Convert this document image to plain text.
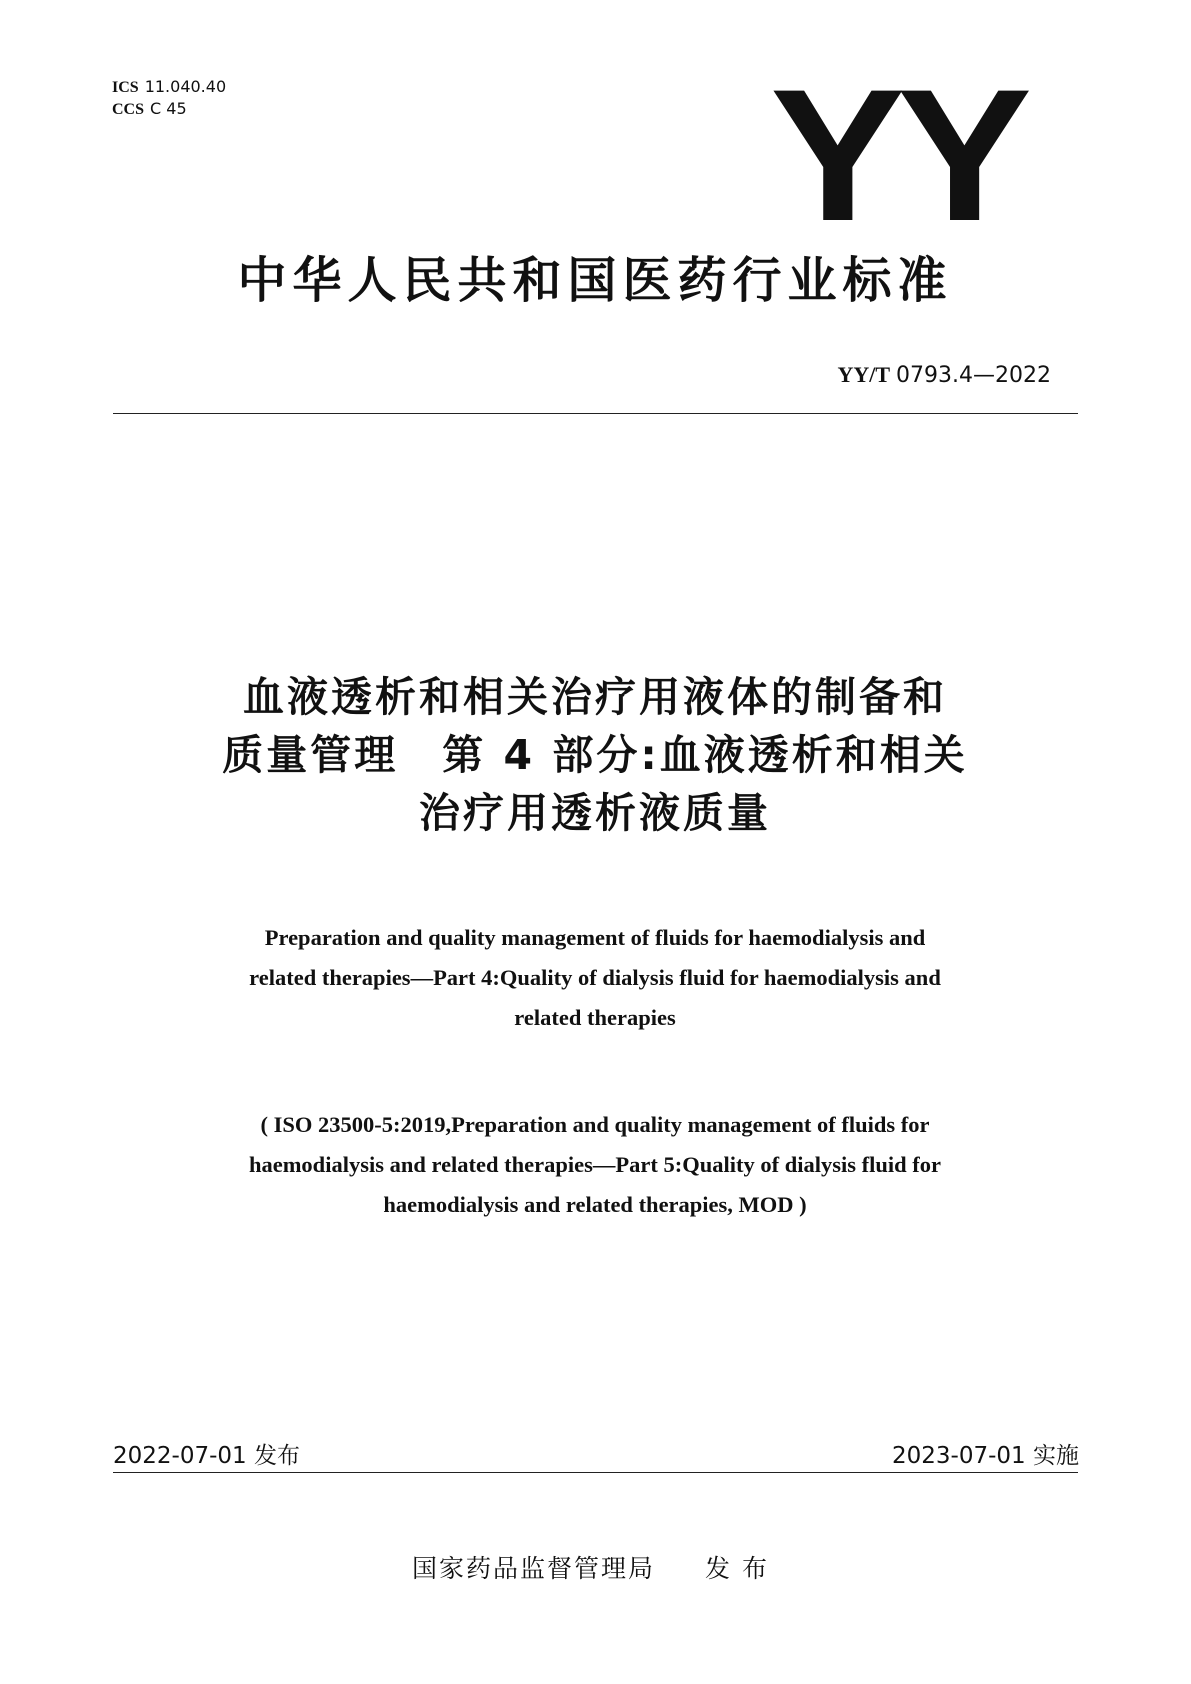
ICS 11.040.40
CCS C 45	YY
中华人民共和国医药行业标准
YY/T 0793.4—2022
血液透析和相关治疗用液体的制备和
质量管理　第 4 部分:血液透析和相关
治疗用透析液质量
Preparation and quality management of fluids for haemodialysis and
related therapies—Part 4:Quality of dialysis fluid for haemodialysis and
related therapies
( ISO 23500-5:2019,Preparation and quality management of fluids for
haemodialysis and related therapies—Part 5:Quality of dialysis fluid for
haemodialysis and related therapies, MOD )
2022-07-01 发布	2023-07-01 实施
国家药品监督管理局 发布
